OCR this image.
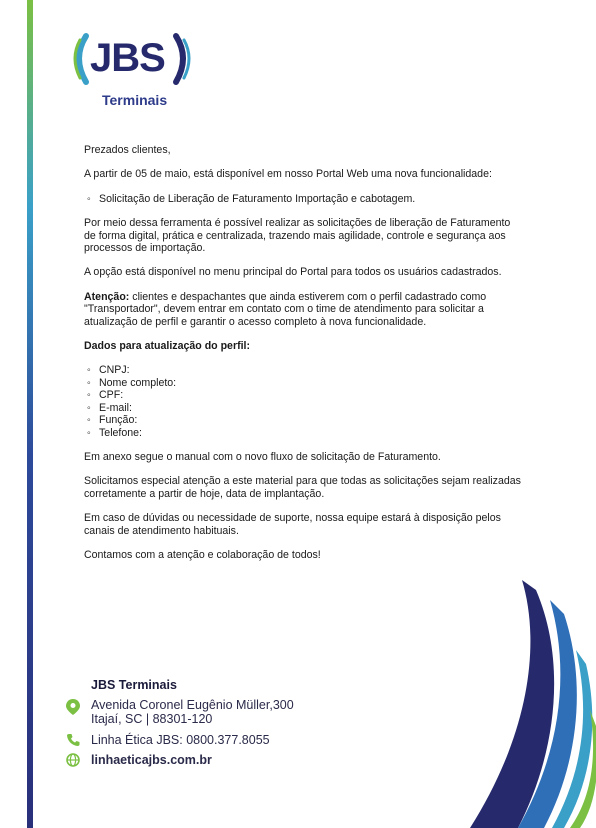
JBS
Terminais

Prezados clientes,

A partir de 05 de maio, está disponível em nosso Portal Web uma nova funcionalidade:

◦ Solicitação de Liberação de Faturamento Importação e cabotagem.

Por meio dessa ferramenta é possível realizar as solicitações de liberação de Faturamento de forma digital, prática e centralizada, trazendo mais agilidade, controle e segurança aos processos de importação.

A opção está disponível no menu principal do Portal para todos os usuários cadastrados.

Atenção: clientes e despachantes que ainda estiverem com o perfil cadastrado como "Transportador", devem entrar em contato com o time de atendimento para solicitar a atualização de perfil e garantir o acesso completo à nova funcionalidade.

Dados para atualização do perfil:

◦ CNPJ:
◦ Nome completo:
◦ CPF:
◦ E-mail:
◦ Função:
◦ Telefone:

Em anexo segue o manual com o novo fluxo de solicitação de Faturamento.

Solicitamos especial atenção a este material para que todas as solicitações sejam realizadas corretamente a partir de hoje, data de implantação.

Em caso de dúvidas ou necessidade de suporte, nossa equipe estará à disposição pelos canais de atendimento habituais.

Contamos com a atenção e colaboração de todos!

JBS Terminais
Avenida Coronel Eugênio Müller,300
Itajaí, SC | 88301-120
Linha Ética JBS: 0800.377.8055
linhaeticajbs.com.br
